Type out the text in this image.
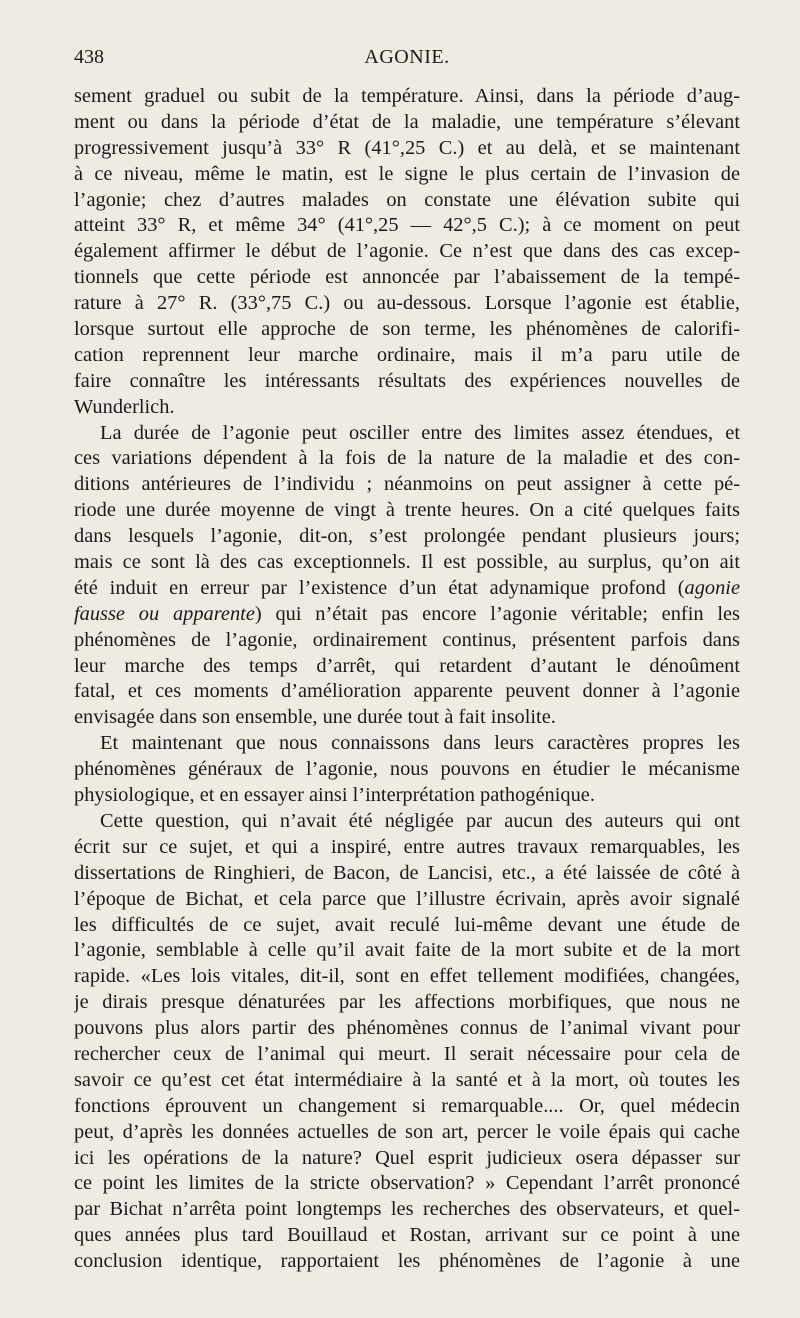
438	AGONIE.
sement graduel ou subit de la température. Ainsi, dans la période d’aug-
ment ou dans la période d’état de la maladie, une température s’élevant
progressivement jusqu’à 33° R (41°,25 C.) et au delà, et se maintenant
à ce niveau, même le matin, est le signe le plus certain de l’invasion de
l’agonie; chez d’autres malades on constate une élévation subite qui
atteint 33° R, et même 34° (41°,25 — 42°,5 C.); à ce moment on peut
également affirmer le début de l’agonie. Ce n’est que dans des cas excep-
tionnels que cette période est annoncée par l’abaissement de la tempé-
rature à 27° R. (33°,75 C.) ou au-dessous. Lorsque l’agonie est établie,
lorsque surtout elle approche de son terme, les phénomènes de calorifi-
cation reprennent leur marche ordinaire, mais il m’a paru utile de
faire connaître les intéressants résultats des expériences nouvelles de
Wunderlich.
La durée de l’agonie peut osciller entre des limites assez étendues, et
ces variations dépendent à la fois de la nature de la maladie et des con-
ditions antérieures de l’individu ; néanmoins on peut assigner à cette pé-
riode une durée moyenne de vingt à trente heures. On a cité quelques faits
dans lesquels l’agonie, dit-on, s’est prolongée pendant plusieurs jours;
mais ce sont là des cas exceptionnels. Il est possible, au surplus, qu’on ait
été induit en erreur par l’existence d’un état adynamique profond (agonie
fausse ou apparente) qui n’était pas encore l’agonie véritable; enfin les
phénomènes de l’agonie, ordinairement continus, présentent parfois dans
leur marche des temps d’arrêt, qui retardent d’autant le dénoûment
fatal, et ces moments d’amélioration apparente peuvent donner à l’agonie
envisagée dans son ensemble, une durée tout à fait insolite.
Et maintenant que nous connaissons dans leurs caractères propres les
phénomènes généraux de l’agonie, nous pouvons en étudier le mécanisme
physiologique, et en essayer ainsi l’interprétation pathogénique.
Cette question, qui n’avait été négligée par aucun des auteurs qui ont
écrit sur ce sujet, et qui a inspiré, entre autres travaux remarquables, les
dissertations de Ringhieri, de Bacon, de Lancisi, etc., a été laissée de côté à
l’époque de Bichat, et cela parce que l’illustre écrivain, après avoir signalé
les difficultés de ce sujet, avait reculé lui-même devant une étude de
l’agonie, semblable à celle qu’il avait faite de la mort subite et de la mort
rapide. «Les lois vitales, dit-il, sont en effet tellement modifiées, changées,
je dirais presque dénaturées par les affections morbifiques, que nous ne
pouvons plus alors partir des phénomènes connus de l’animal vivant pour
rechercher ceux de l’animal qui meurt. Il serait nécessaire pour cela de
savoir ce qu’est cet état intermédiaire à la santé et à la mort, où toutes les
fonctions éprouvent un changement si remarquable.... Or, quel médecin
peut, d’après les données actuelles de son art, percer le voile épais qui cache
ici les opérations de la nature? Quel esprit judicieux osera dépasser sur
ce point les limites de la stricte observation? » Cependant l’arrêt prononcé
par Bichat n’arrêta point longtemps les recherches des observateurs, et quel-
ques années plus tard Bouillaud et Rostan, arrivant sur ce point à une
conclusion identique, rapportaient les phénomènes de l’agonie à une
